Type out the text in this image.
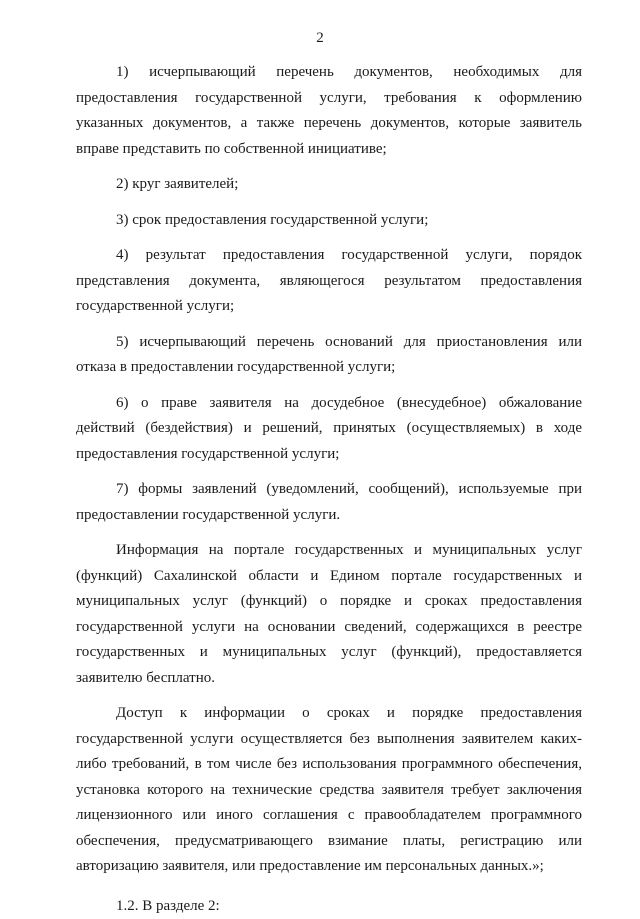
2

1) исчерпывающий перечень документов, необходимых для предоставления государственной услуги, требования к оформлению указанных документов, а также перечень документов, которые заявитель вправе представить по собственной инициативе;

2) круг заявителей;

3) срок предоставления государственной услуги;

4) результат предоставления государственной услуги, порядок представления документа, являющегося результатом предоставления государственной услуги;

5) исчерпывающий перечень оснований для приостановления или отказа в предоставлении государственной услуги;

6) о праве заявителя на досудебное (внесудебное) обжалование действий (бездействия) и решений, принятых (осуществляемых) в ходе предоставления государственной услуги;

7) формы заявлений (уведомлений, сообщений), используемые при предоставлении государственной услуги.

Информация на портале государственных и муниципальных услуг (функций) Сахалинской области и Едином портале государственных и муниципальных услуг (функций) о порядке и сроках предоставления государственной услуги на основании сведений, содержащихся в реестре государственных и муниципальных услуг (функций), предоставляется заявителю бесплатно.

Доступ к информации о сроках и порядке предоставления государственной услуги осуществляется без выполнения заявителем каких-либо требований, в том числе без использования программного обеспечения, установка которого на технические средства заявителя требует заключения лицензионного или иного соглашения с правообладателем программного обеспечения, предусматривающего взимание платы, регистрацию или авторизацию заявителя, или предоставление им персональных данных.»;

1.2. В разделе 2:
